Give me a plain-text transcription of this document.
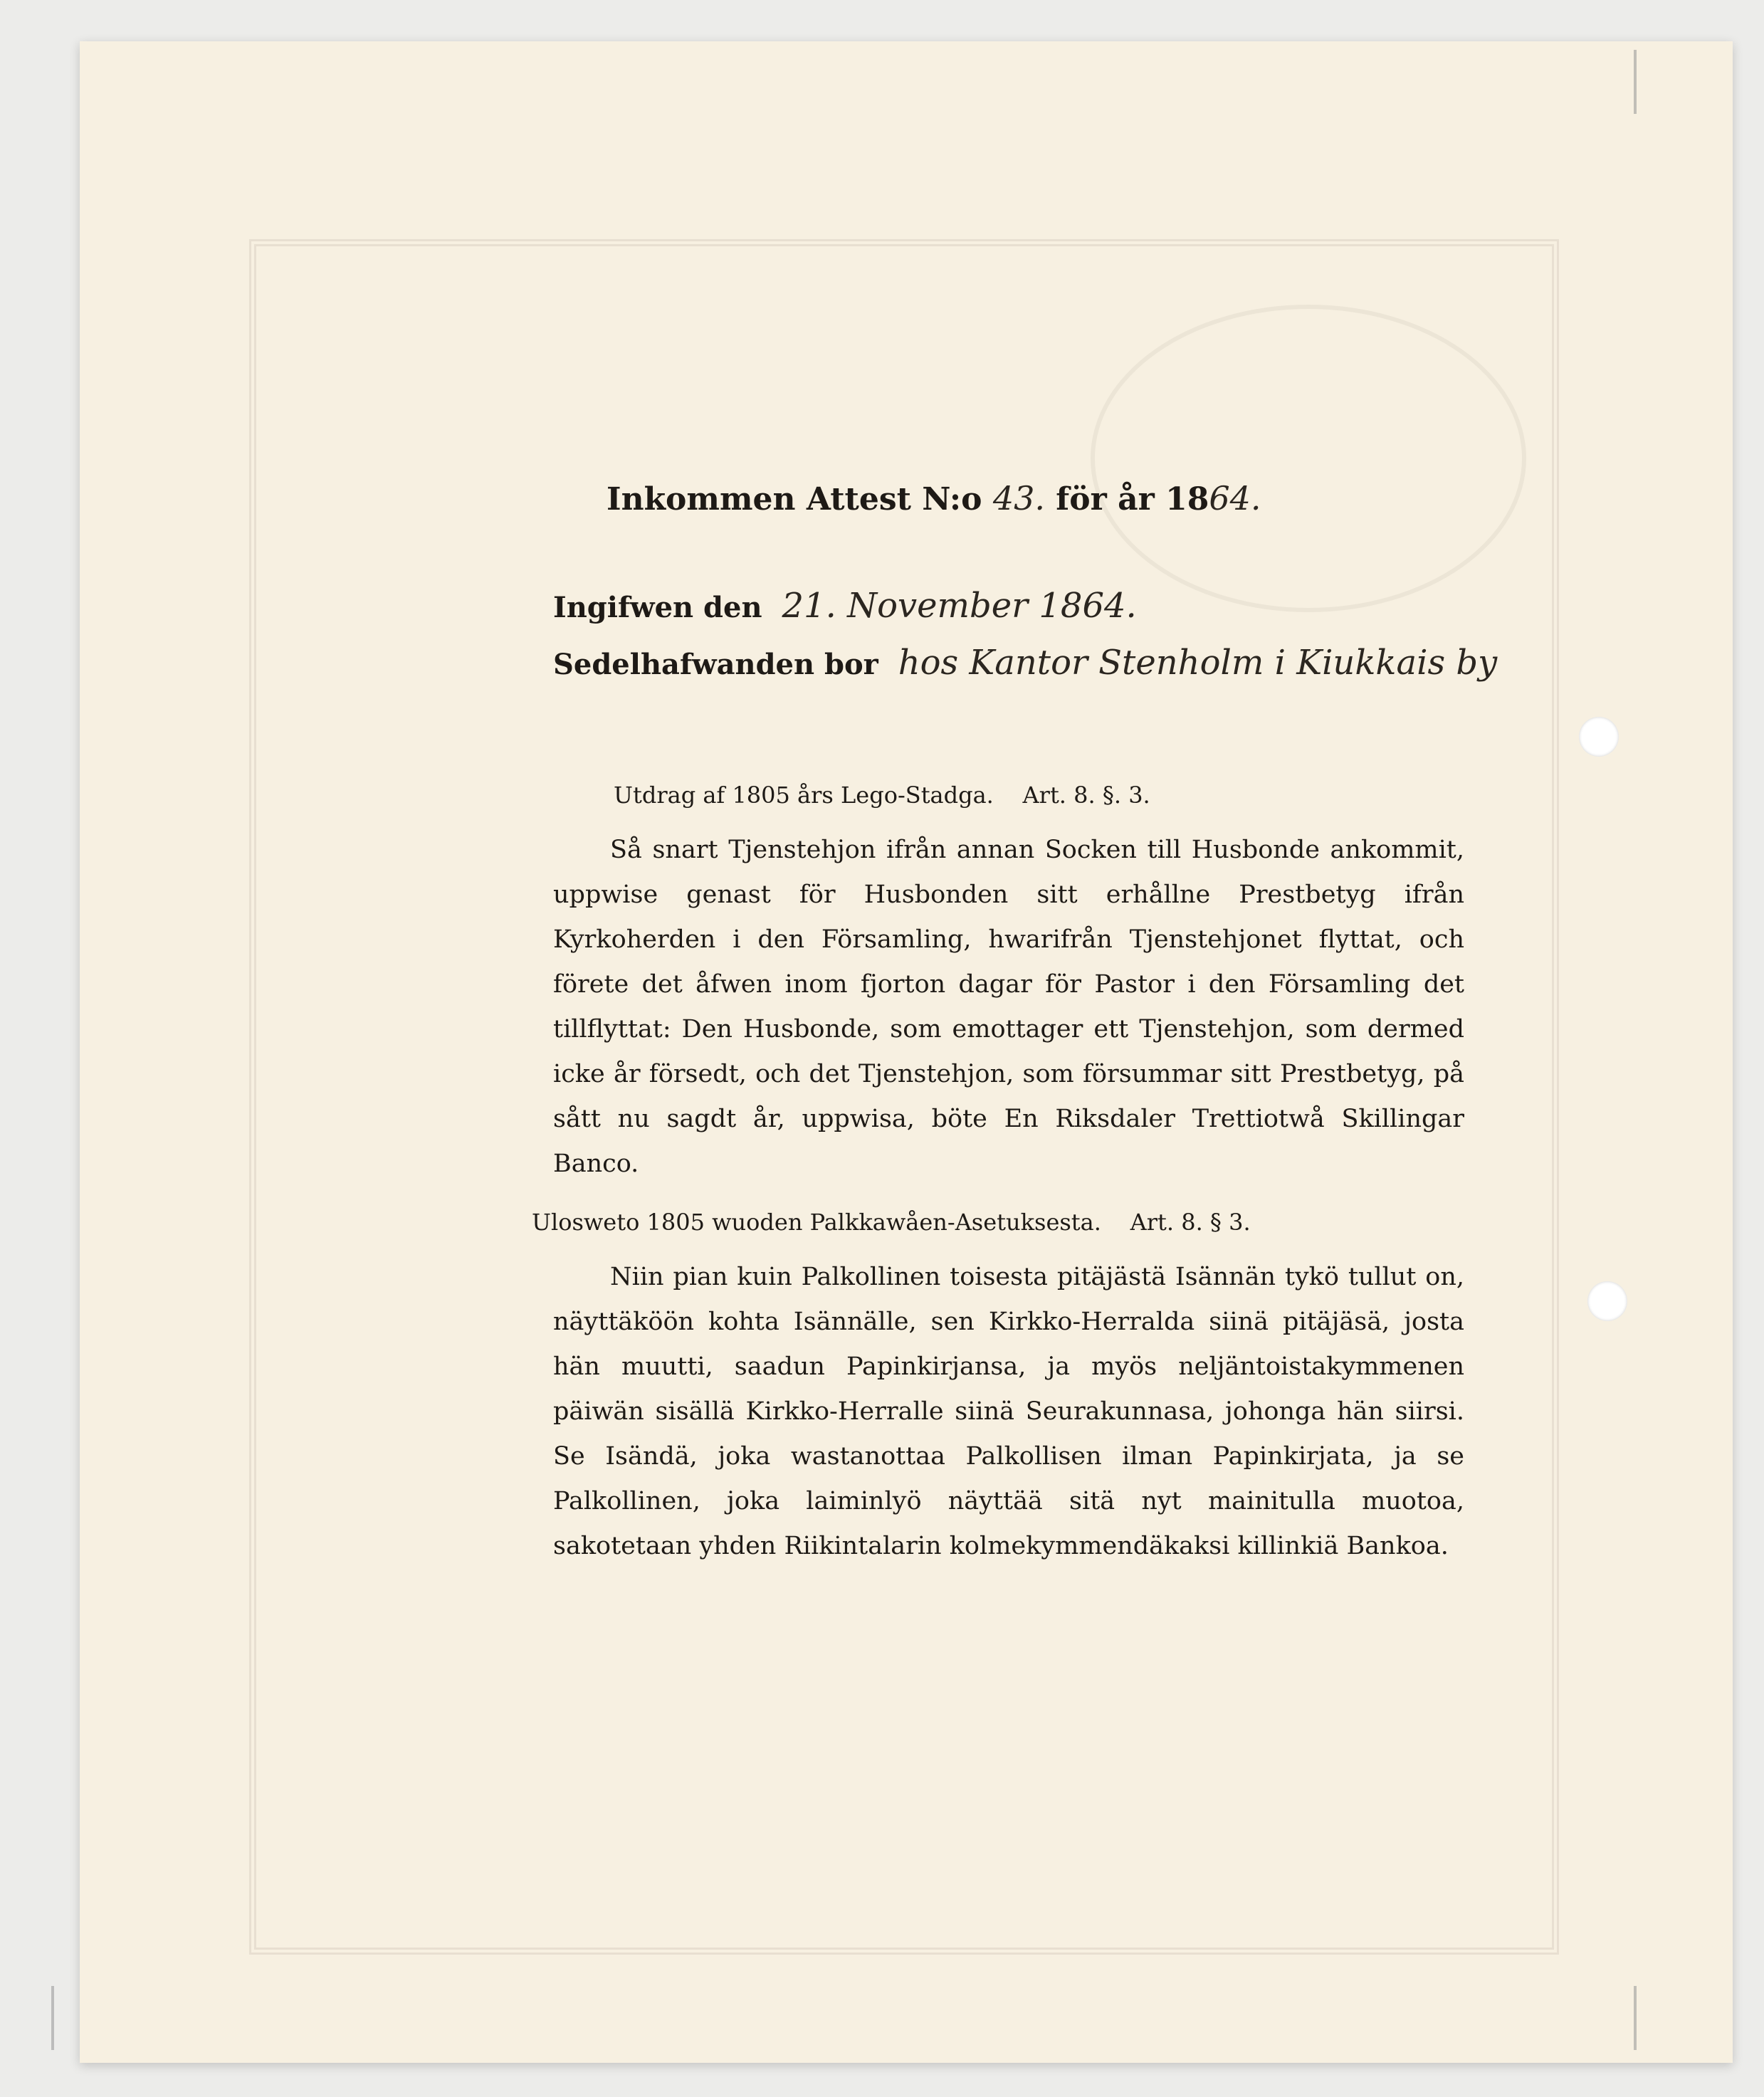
Inkommen Attest N:o 43. för år 1864.
Ingifwen den 21. November 1864.
Sedelhafwanden bor hos Kantor Stenholm i Kiukkais by
Utdrag af 1805 års Lego-Stadga. Art. 8. §. 3.

Så snart Tjenstehjon ifrån annan Socken till Husbonde ankommit, uppwise genast för Husbonden sitt erhållne Prestbetyg ifrån Kyrkoherden i den Församling, hwarifrån Tjenstehjonet flyttat, och förete det åfwen inom fjorton dagar för Pastor i den Församling det tillflyttat: Den Husbonde, som emottager ett Tjenstehjon, som dermed icke år försedt, och det Tjenstehjon, som försummar sitt Prestbetyg, på sått nu sagdt år, uppwisa, böte En Riksdaler Trettiotwå Skillingar Banco.

Ulosweto 1805 wuoden Palkkawåen-Asetuksesta. Art. 8. § 3.

Niin pian kuin Palkollinen toisesta pitäjästä Isännän tykö tullut on, näyttäköön kohta Isännälle, sen Kirkko-Herralda siinä pitäjäsä, josta hän muutti, saadun Papinkirjansa, ja myös neljäntoistakymmenen päiwän sisällä Kirkko-Herralle siinä Seurakunnasa, johonga hän siirsi. Se Isändä, joka wastanottaa Palkollisen ilman Papinkirjata, ja se Palkollinen, joka laiminlyö näyttää sitä nyt mainitulla muotoa, sakotetaan yhden Riikintalarin kolmekymmendäkaksi killinkiä Bankoa.
